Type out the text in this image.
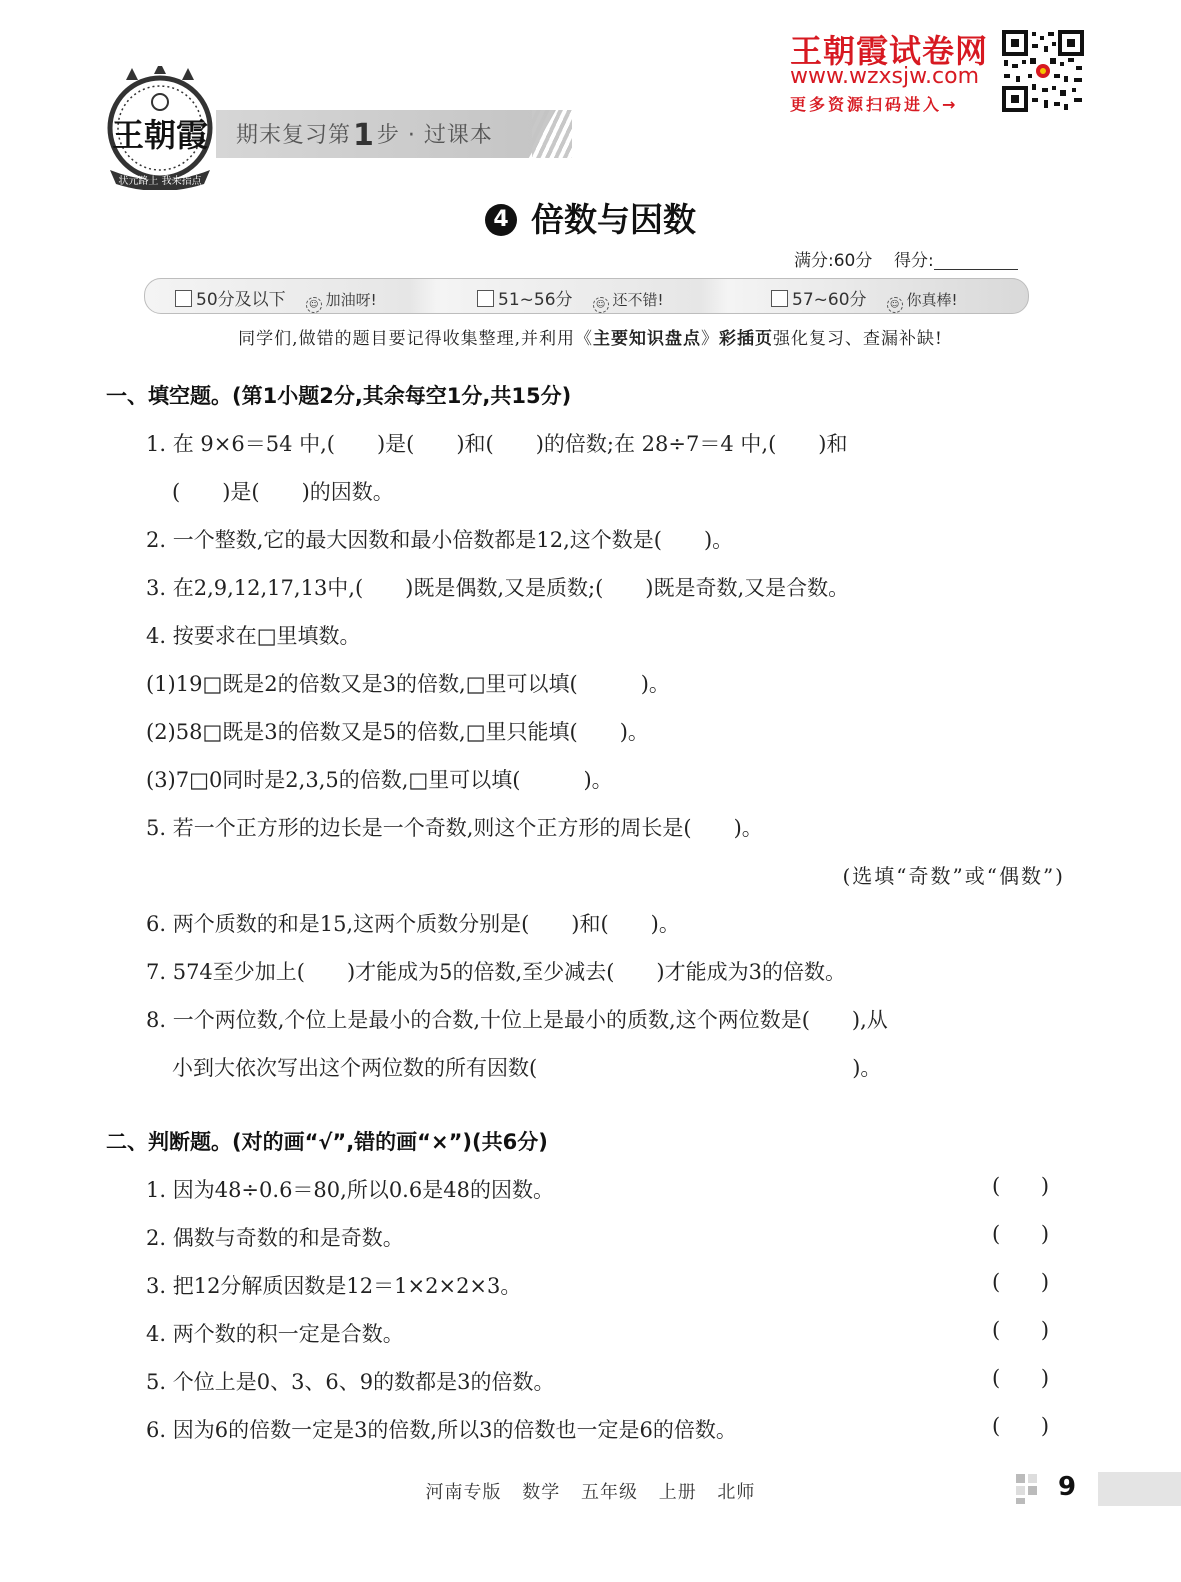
王朝霞
状元路上 我来指点
期末复习第1步 · 过课本
王朝霞试卷网
www.wzxsjw.com
更多资源扫码进入→
4 倍数与因数
满分:60分 得分:
50分及以下	☺ 加油呀!	51~56分	☺ 还不错!	57~60分	☺ 你真棒!
同学们,做错的题目要记得收集整理,并利用《主要知识盘点》彩插页强化复习、查漏补缺!
一、填空题。(第1小题2分,其余每空1分,共15分)
1. 在 9×6＝54 中,(　　)是(　　)和(　　)的倍数;在 28÷7＝4 中,(　　)和
(　　)是(　　)的因数。
2. 一个整数,它的最大因数和最小倍数都是12,这个数是(　　)。
3. 在2,9,12,17,13中,(　　)既是偶数,又是质数;(　　)既是奇数,又是合数。
4. 按要求在□里填数。
(1)19□既是2的倍数又是3的倍数,□里可以填(　　　)。
(2)58□既是3的倍数又是5的倍数,□里只能填(　　)。
(3)7□0同时是2,3,5的倍数,□里可以填(　　　)。
5. 若一个正方形的边长是一个奇数,则这个正方形的周长是(　　)。
(选填“奇数”或“偶数”)
6. 两个质数的和是15,这两个质数分别是(　　)和(　　)。
7. 574至少加上(　　)才能成为5的倍数,至少减去(　　)才能成为3的倍数。
8. 一个两位数,个位上是最小的合数,十位上是最小的质数,这个两位数是(　　),从
小到大依次写出这个两位数的所有因数(　　　　　　　　　　　　　　　)。
二、判断题。(对的画“√”,错的画“×”)(共6分)
1. 因为48÷0.6＝80,所以0.6是48的因数。	( )
2. 偶数与奇数的和是奇数。	( )
3. 把12分解质因数是12＝1×2×2×3。	( )
4. 两个数的积一定是合数。	( )
5. 个位上是0、3、6、9的数都是3的倍数。	( )
6. 因为6的倍数一定是3的倍数,所以3的倍数也一定是6的倍数。	( )
河南专版 数学 五年级 上册 北师	9
